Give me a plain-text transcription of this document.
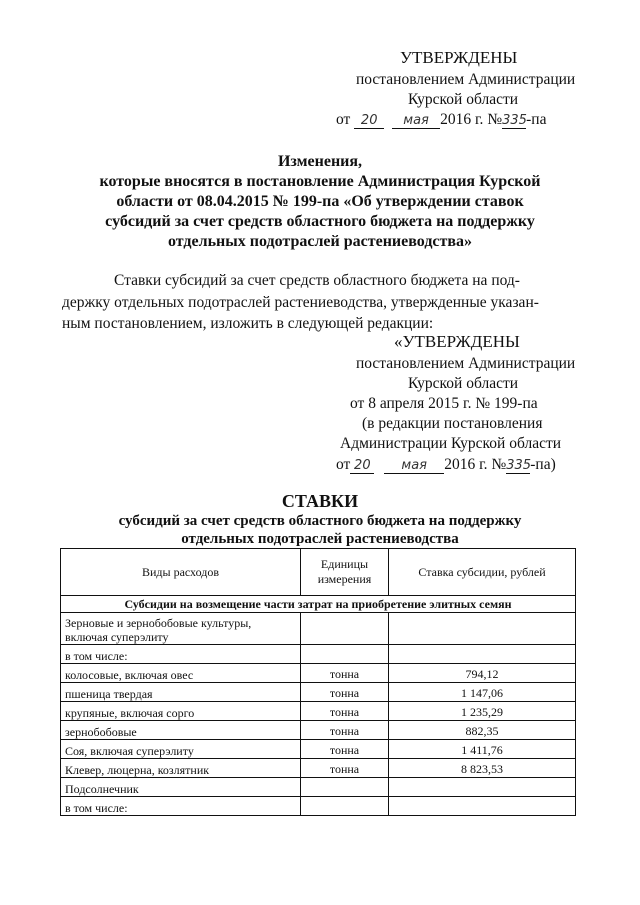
УТВЕРЖДЕНЫ
постановлением Администрации
Курской области
от 20 мая 2016 г. №335-па
Изменения,
которые вносятся в постановление Администрация Курской
области от 08.04.2015 № 199-па «Об утверждении ставок
субсидий за счет средств областного бюджета на поддержку
отдельных подотраслей растениеводства»
Ставки субсидий за счет средств областного бюджета на под-
держку отдельных подотраслей растениеводства, утвержденные указан-
ным постановлением, изложить в следующей редакции:
«УТВЕРЖДЕНЫ
постановлением Администрации
Курской области
от 8 апреля 2015 г. № 199-па
(в редакции постановления
Администрации Курской области
от 20 мая 2016 г. №335-па)
СТАВКИ
субсидий за счет средств областного бюджета на поддержку
отдельных подотраслей растениеводства
Виды расходов	Единицы измерения	Ставка субсидии, рублей
Субсидии на возмещение части затрат на приобретение элитных семян		
Зерновые и зернобобовые культуры, включая суперэлиту		
в том числе:		
колосовые, включая овес	тонна	794,12
пшеница твердая	тонна	1 147,06
крупяные, включая сорго	тонна	1 235,29
зернобобовые	тонна	882,35
Соя, включая суперэлиту	тонна	1 411,76
Клевер, люцерна, козлятник	тонна	8 823,53
Подсолнечник		
в том числе:		
